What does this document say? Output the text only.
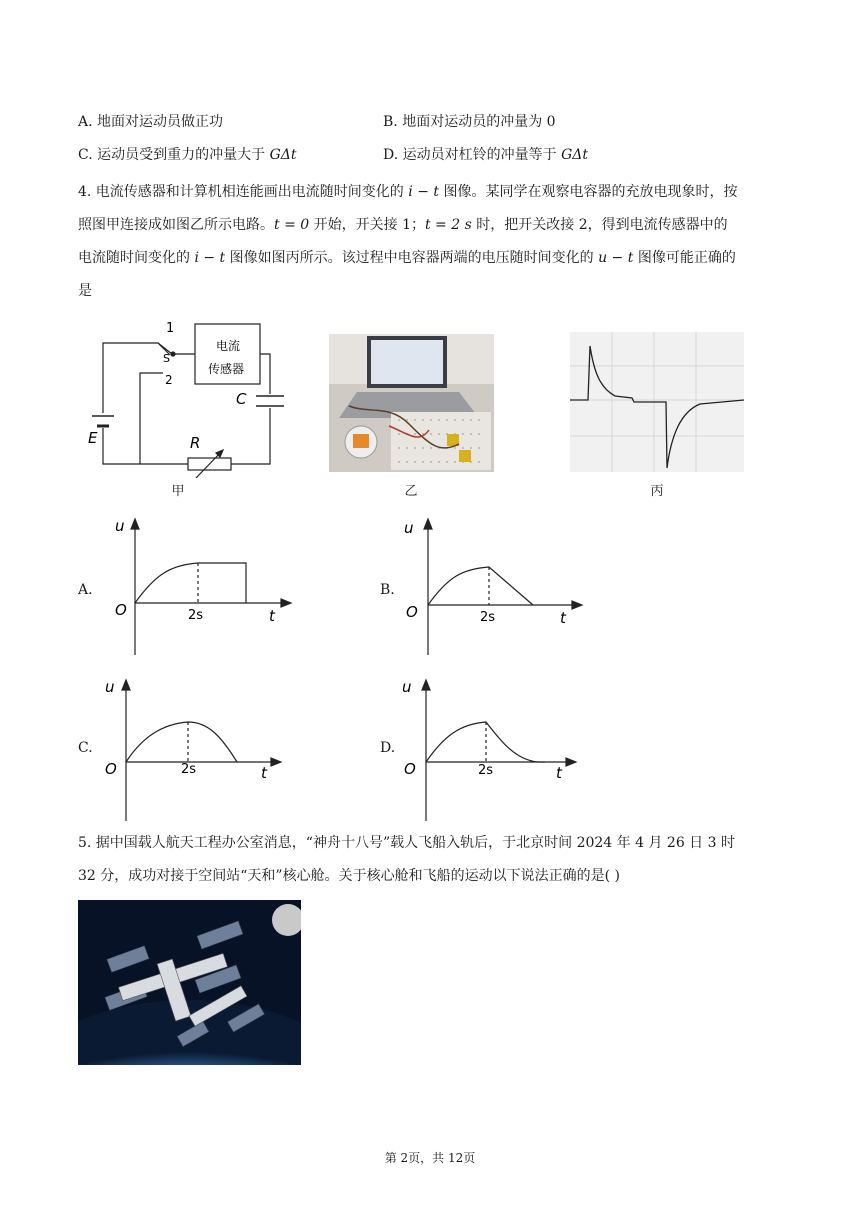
A. 地面对运动员做正功	B. 地面对运动员的冲量为 0
C. 运动员受到重力的冲量大于 GΔt	D. 运动员对杠铃的冲量等于 GΔt
4. 电流传感器和计算机相连能画出电流随时间变化的 i − t 图像。某同学在观察电容器的充放电现象时，按
照图甲连接成如图乙所示电路。t = 0 开始，开关接 1；t = 2 s 时，把开关改接 2，得到电流传感器中的
电流随时间变化的 i − t 图像如图丙所示。该过程中电容器两端的电压随时间变化的 u − t 图像可能正确的
是
1
S
2
电流
传感器
E
C
R
甲	乙	丙
A.
u
t
O	2s
B.
u
t
O	2s
C.
u
t
O	2s
D.
u
t
O	2s
5. 据中国载人航天工程办公室消息，“神舟十八号”载人飞船入轨后，于北京时间 2024 年 4 月 26 日 3 时
32 分，成功对接于空间站“天和”核心舱。关于核心舱和飞船的运动以下说法正确的是( )
第 2页，共 12页
